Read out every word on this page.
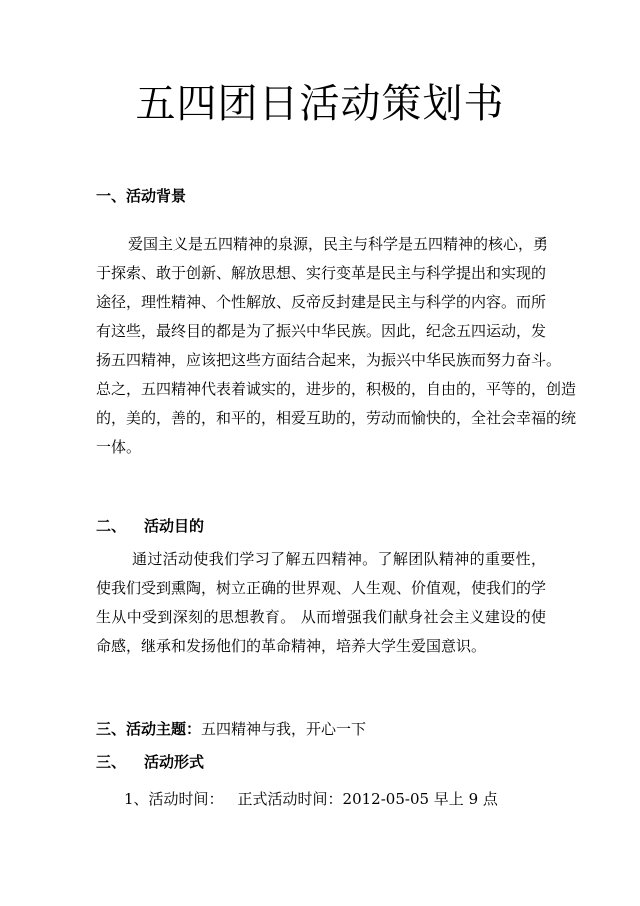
五四团日活动策划书
一、活动背景
爱国主义是五四精神的泉源，民主与科学是五四精神的核心，勇
于探索、敢于创新、解放思想、实行变革是民主与科学提出和实现的
途径，理性精神、个性解放、反帝反封建是民主与科学的内容。而所
有这些，最终目的都是为了振兴中华民族。因此，纪念五四运动，发
扬五四精神，应该把这些方面结合起来，为振兴中华民族而努力奋斗。
总之，五四精神代表着诚实的，进步的，积极的，自由的，平等的，创造
的，美的，善的，和平的，相爱互助的，劳动而愉快的，全社会幸福的统
一体。
二、 活动目的
通过活动使我们学习了解五四精神。了解团队精神的重要性，
使我们受到熏陶，树立正确的世界观、人生观、价值观，使我们的学
生从中受到深刻的思想教育。 从而增强我们献身社会主义建设的使
命感，继承和发扬他们的革命精神，培养大学生爱国意识。
三、活动主题：五四精神与我，开心一下
三、 活动形式
1、活动时间： 正式活动时间：2012-05-05 早上 9 点
